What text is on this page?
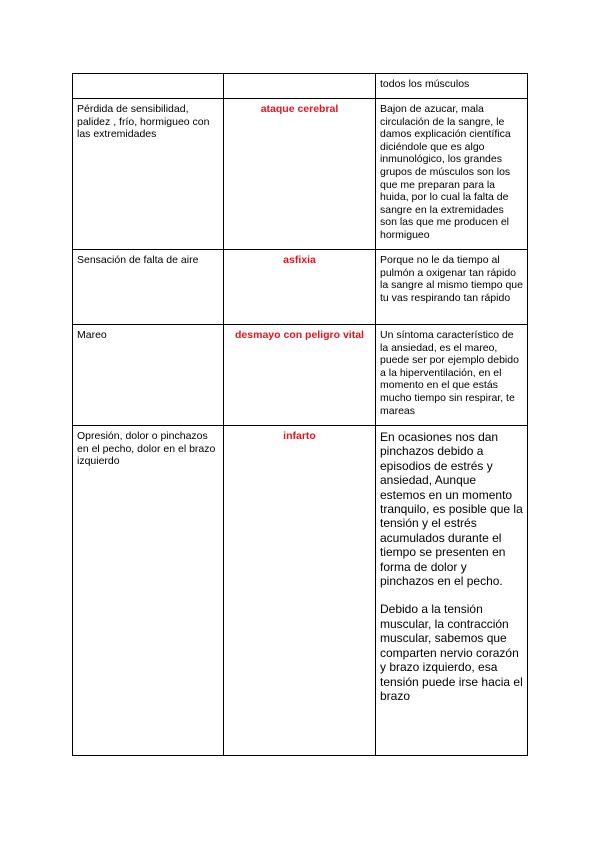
		todos los músculos
Pérdida de sensibilidad, palidez , frío, hormigueo con las extremidades	ataque cerebral	Bajon de azucar, mala circulación de la sangre, le damos explicación científica diciéndole que es algo inmunológico, los grandes grupos de músculos son los que me preparan para la huida, por lo cual la falta de sangre en la extremidades son las que me producen el hormigueo
Sensación de falta de aire	asfixia	Porque no le da tiempo al pulmón a oxigenar tan rápido la sangre al mismo tiempo que tu vas respirando tan rápido
Mareo	desmayo con peligro vital	Un síntoma característico de la ansiedad, es el mareo, puede ser por ejemplo debido a la hiperventilación, en el momento en el que estás mucho tiempo sin respirar, te mareas
Opresión, dolor o pinchazos en el pecho, dolor en el brazo izquierdo	infarto	En ocasiones nos dan pinchazos debido a episodios de estrés y ansiedad, Aunque estemos en un momento tranquilo, es posible que la tensión y el estrés acumulados durante el tiempo se presenten en forma de dolor y pinchazos en el pecho.
Debido a la tensión muscular, la contracción muscular, sabemos que comparten nervio corazón y brazo izquierdo, esa tensión puede irse hacia el brazo
